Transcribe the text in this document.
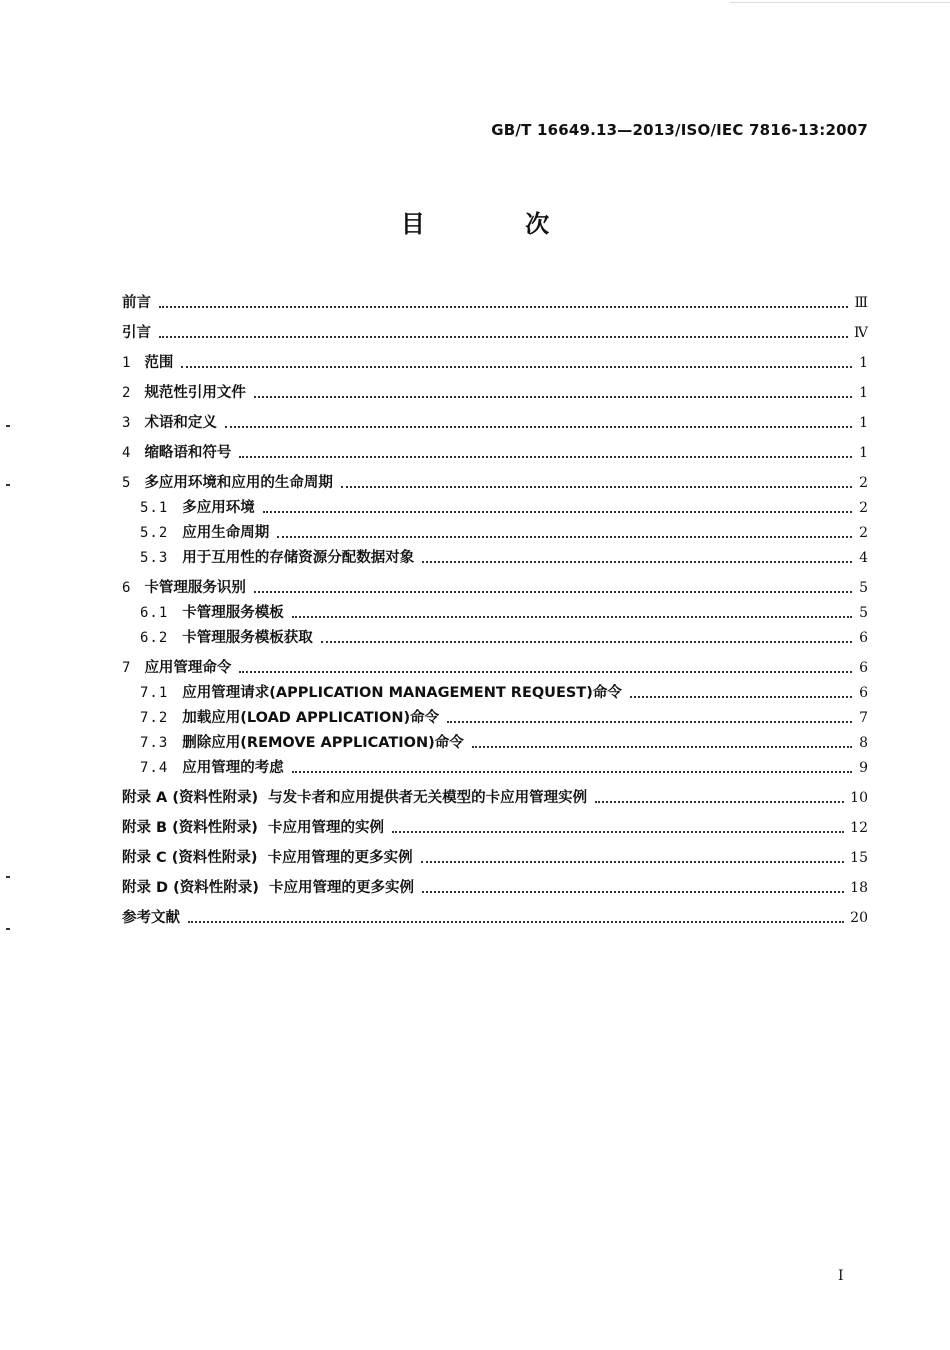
GB/T 16649.13—2013/ISO/IEC 7816-13:2007
目 次
前言	Ⅲ
引言	Ⅳ
1 范围	1
2 规范性引用文件	1
3 术语和定义	1
4 缩略语和符号	1
5 多应用环境和应用的生命周期	2
5.1 多应用环境	2
5.2 应用生命周期	2
5.3 用于互用性的存储资源分配数据对象	4
6 卡管理服务识别	5
6.1 卡管理服务模板	5
6.2 卡管理服务模板获取	6
7 应用管理命令	6
7.1 应用管理请求(APPLICATION MANAGEMENT REQUEST)命令	6
7.2 加载应用(LOAD APPLICATION)命令	7
7.3 删除应用(REMOVE APPLICATION)命令	8
7.4 应用管理的考虑	9
附录 A (资料性附录)  与发卡者和应用提供者无关模型的卡应用管理实例	10
附录 B (资料性附录)  卡应用管理的实例	12
附录 C (资料性附录)  卡应用管理的更多实例	15
附录 D (资料性附录)  卡应用管理的更多实例	18
参考文献	20
I
